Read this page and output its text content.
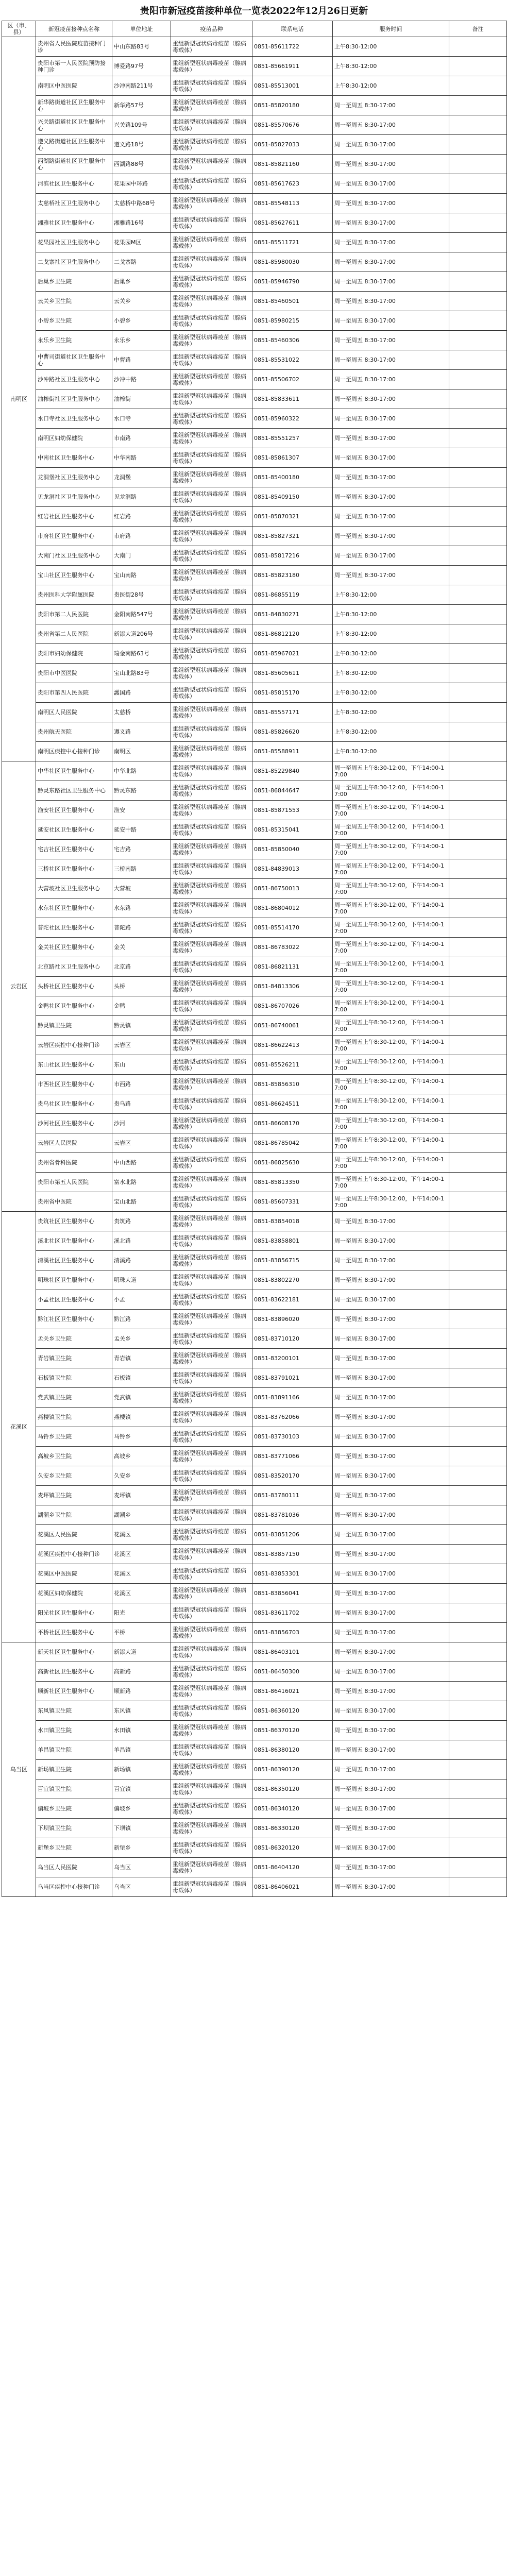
贵阳市新冠疫苗接种单位一览表2022年12月26日更新
区（市、县）	新冠疫苗接种点名称	单位地址	疫苗品种	联系电话	服务时间	备注
南明区	贵州省人民医院疫苗接种门诊	中山东路83号	重组新型冠状病毒疫苗（腺病毒载体）	0851-85611722	上午8:30-12:00	
	贵阳市第一人民医院预防接种门诊	博爱路97号	重组新型冠状病毒疫苗（腺病毒载体）	0851-85661911	上午8:30-12:00	
	南明区中医医院	沙冲南路211号	重组新型冠状病毒疫苗（腺病毒载体）	0851-85513001	上午8:30-12:00	
	新华路街道社区卫生服务中心	新华路57号	重组新型冠状病毒疫苗（腺病毒载体）	0851-85820180	周一至周五 8:30-17:00	
	兴关路街道社区卫生服务中心	兴关路109号	重组新型冠状病毒疫苗（腺病毒载体）	0851-85570676	周一至周五 8:30-17:00	
	遵义路街道社区卫生服务中心	遵义路18号	重组新型冠状病毒疫苗（腺病毒载体）	0851-85827033	周一至周五 8:30-17:00	
	西湖路街道社区卫生服务中心	西湖路88号	重组新型冠状病毒疫苗（腺病毒载体）	0851-85821160	周一至周五 8:30-17:00	
	河滨社区卫生服务中心	花果园中环路	重组新型冠状病毒疫苗（腺病毒载体）	0851-85617623	周一至周五 8:30-17:00	
	太慈桥社区卫生服务中心	太慈桥中路68号	重组新型冠状病毒疫苗（腺病毒载体）	0851-85548113	周一至周五 8:30-17:00	
	湘雅社区卫生服务中心	湘雅路16号	重组新型冠状病毒疫苗（腺病毒载体）	0851-85627611	周一至周五 8:30-17:00	
	花果园社区卫生服务中心	花果园M区	重组新型冠状病毒疫苗（腺病毒载体）	0851-85511721	周一至周五 8:30-17:00	
	二戈寨社区卫生服务中心	二戈寨路	重组新型冠状病毒疫苗（腺病毒载体）	0851-85980030	周一至周五 8:30-17:00	
	后巢乡卫生院	后巢乡	重组新型冠状病毒疫苗（腺病毒载体）	0851-85946790	周一至周五 8:30-17:00	
	云关乡卫生院	云关乡	重组新型冠状病毒疫苗（腺病毒载体）	0851-85460501	周一至周五 8:30-17:00	
	小碧乡卫生院	小碧乡	重组新型冠状病毒疫苗（腺病毒载体）	0851-85980215	周一至周五 8:30-17:00	
	永乐乡卫生院	永乐乡	重组新型冠状病毒疫苗（腺病毒载体）	0851-85460306	周一至周五 8:30-17:00	
	中曹司街道社区卫生服务中心	中曹路	重组新型冠状病毒疫苗（腺病毒载体）	0851-85531022	周一至周五 8:30-17:00	
	沙冲路社区卫生服务中心	沙冲中路	重组新型冠状病毒疫苗（腺病毒载体）	0851-85506702	周一至周五 8:30-17:00	
	油榨街社区卫生服务中心	油榨街	重组新型冠状病毒疫苗（腺病毒载体）	0851-85833611	周一至周五 8:30-17:00	
	水口寺社区卫生服务中心	水口寺	重组新型冠状病毒疫苗（腺病毒载体）	0851-85960322	周一至周五 8:30-17:00	
	南明区妇幼保健院	市南路	重组新型冠状病毒疫苗（腺病毒载体）	0851-85551257	周一至周五 8:30-17:00	
	中南社区卫生服务中心	中华南路	重组新型冠状病毒疫苗（腺病毒载体）	0851-85861307	周一至周五 8:30-17:00	
	龙洞堡社区卫生服务中心	龙洞堡	重组新型冠状病毒疫苗（腺病毒载体）	0851-85400180	周一至周五 8:30-17:00	
	见龙洞社区卫生服务中心	见龙洞路	重组新型冠状病毒疫苗（腺病毒载体）	0851-85409150	周一至周五 8:30-17:00	
	红岩社区卫生服务中心	红岩路	重组新型冠状病毒疫苗（腺病毒载体）	0851-85870321	周一至周五 8:30-17:00	
	市府社区卫生服务中心	市府路	重组新型冠状病毒疫苗（腺病毒载体）	0851-85827321	周一至周五 8:30-17:00	
	大南门社区卫生服务中心	大南门	重组新型冠状病毒疫苗（腺病毒载体）	0851-85817216	周一至周五 8:30-17:00	
	宝山社区卫生服务中心	宝山南路	重组新型冠状病毒疫苗（腺病毒载体）	0851-85823180	周一至周五 8:30-17:00	
	贵州医科大学附属医院	贵医街28号	重组新型冠状病毒疫苗（腺病毒载体）	0851-86855119	上午8:30-12:00	
	贵阳市第二人民医院	金阳南路547号	重组新型冠状病毒疫苗（腺病毒载体）	0851-84830271	上午8:30-12:00	
	贵州省第二人民医院	新添大道206号	重组新型冠状病毒疫苗（腺病毒载体）	0851-86812120	上午8:30-12:00	
	贵阳市妇幼保健院	瑞金南路63号	重组新型冠状病毒疫苗（腺病毒载体）	0851-85967021	上午8:30-12:00	
	贵阳市中医医院	宝山北路83号	重组新型冠状病毒疫苗（腺病毒载体）	0851-85605611	上午8:30-12:00	
	贵阳市第四人民医院	護国路	重组新型冠状病毒疫苗（腺病毒载体）	0851-85815170	上午8:30-12:00	
	南明区人民医院	太慈桥	重组新型冠状病毒疫苗（腺病毒载体）	0851-85557171	上午8:30-12:00	
	贵州航天医院	遵义路	重组新型冠状病毒疫苗（腺病毒载体）	0851-85826620	上午8:30-12:00	
	南明区疾控中心接种门诊	南明区	重组新型冠状病毒疫苗（腺病毒载体）	0851-85588911	上午8:30-12:00	
云岩区	中华社区卫生服务中心	中华北路	重组新型冠状病毒疫苗（腺病毒载体）	0851-85229840	周一至周五上午8:30-12:00，下午14:00-17:00	
	黔灵东路社区卫生服务中心	黔灵东路	重组新型冠状病毒疫苗（腺病毒载体）	0851-86844647	周一至周五上午8:30-12:00，下午14:00-17:00	
	渔安社区卫生服务中心	渔安	重组新型冠状病毒疫苗（腺病毒载体）	0851-85871553	周一至周五上午8:30-12:00，下午14:00-17:00	
	延安社区卫生服务中心	延安中路	重组新型冠状病毒疫苗（腺病毒载体）	0851-85315041	周一至周五上午8:30-12:00，下午14:00-17:00	
	宅吉社区卫生服务中心	宅吉路	重组新型冠状病毒疫苗（腺病毒载体）	0851-85850040	周一至周五上午8:30-12:00，下午14:00-17:00	
	三桥社区卫生服务中心	三桥南路	重组新型冠状病毒疫苗（腺病毒载体）	0851-84839013	周一至周五上午8:30-12:00，下午14:00-17:00	
	大营坡社区卫生服务中心	大营坡	重组新型冠状病毒疫苗（腺病毒载体）	0851-86750013	周一至周五上午8:30-12:00，下午14:00-17:00	
	水东社区卫生服务中心	水东路	重组新型冠状病毒疫苗（腺病毒载体）	0851-86804012	周一至周五上午8:30-12:00，下午14:00-17:00	
	普陀社区卫生服务中心	普陀路	重组新型冠状病毒疫苗（腺病毒载体）	0851-85514170	周一至周五上午8:30-12:00，下午14:00-17:00	
	金关社区卫生服务中心	金关	重组新型冠状病毒疫苗（腺病毒载体）	0851-86783022	周一至周五上午8:30-12:00，下午14:00-17:00	
	北京路社区卫生服务中心	北京路	重组新型冠状病毒疫苗（腺病毒载体）	0851-86821131	周一至周五上午8:30-12:00，下午14:00-17:00	
	头桥社区卫生服务中心	头桥	重组新型冠状病毒疫苗（腺病毒载体）	0851-84813306	周一至周五上午8:30-12:00，下午14:00-17:00	
	金鸭社区卫生服务中心	金鸭	重组新型冠状病毒疫苗（腺病毒载体）	0851-86707026	周一至周五上午8:30-12:00，下午14:00-17:00	
	黔灵镇卫生院	黔灵镇	重组新型冠状病毒疫苗（腺病毒载体）	0851-86740061	周一至周五上午8:30-12:00，下午14:00-17:00	
	云岩区疾控中心接种门诊	云岩区	重组新型冠状病毒疫苗（腺病毒载体）	0851-86622413	周一至周五上午8:30-12:00，下午14:00-17:00	
	东山社区卫生服务中心	东山	重组新型冠状病毒疫苗（腺病毒载体）	0851-85526211	周一至周五上午8:30-12:00，下午14:00-17:00	
	市西社区卫生服务中心	市西路	重组新型冠状病毒疫苗（腺病毒载体）	0851-85856310	周一至周五上午8:30-12:00，下午14:00-17:00	
	贵乌社区卫生服务中心	贵乌路	重组新型冠状病毒疫苗（腺病毒载体）	0851-86624511	周一至周五上午8:30-12:00，下午14:00-17:00	
	沙河社区卫生服务中心	沙河	重组新型冠状病毒疫苗（腺病毒载体）	0851-86608170	周一至周五上午8:30-12:00，下午14:00-17:00	
	云岩区人民医院	云岩区	重组新型冠状病毒疫苗（腺病毒载体）	0851-86785042	周一至周五上午8:30-12:00，下午14:00-17:00	
	贵州省骨科医院	中山西路	重组新型冠状病毒疫苗（腺病毒载体）	0851-86825630	周一至周五上午8:30-12:00，下午14:00-17:00	
	贵阳市第五人民医院	富水北路	重组新型冠状病毒疫苗（腺病毒载体）	0851-85813350	周一至周五上午8:30-12:00，下午14:00-17:00	
	贵州省中医院	宝山北路	重组新型冠状病毒疫苗（腺病毒载体）	0851-85607331	周一至周五上午8:30-12:00，下午14:00-17:00	
花溪区	贵筑社区卫生服务中心	贵筑路	重组新型冠状病毒疫苗（腺病毒载体）	0851-83854018	周一至周五 8:30-17:00	
	溪北社区卫生服务中心	溪北路	重组新型冠状病毒疫苗（腺病毒载体）	0851-83858801	周一至周五 8:30-17:00	
	清溪社区卫生服务中心	清溪路	重组新型冠状病毒疫苗（腺病毒载体）	0851-83856715	周一至周五 8:30-17:00	
	明珠社区卫生服务中心	明珠大道	重组新型冠状病毒疫苗（腺病毒载体）	0851-83802270	周一至周五 8:30-17:00	
	小孟社区卫生服务中心	小孟	重组新型冠状病毒疫苗（腺病毒载体）	0851-83622181	周一至周五 8:30-17:00	
	黔江社区卫生服务中心	黔江路	重组新型冠状病毒疫苗（腺病毒载体）	0851-83896020	周一至周五 8:30-17:00	
	孟关乡卫生院	孟关乡	重组新型冠状病毒疫苗（腺病毒载体）	0851-83710120	周一至周五 8:30-17:00	
	青岩镇卫生院	青岩镇	重组新型冠状病毒疫苗（腺病毒载体）	0851-83200101	周一至周五 8:30-17:00	
	石板镇卫生院	石板镇	重组新型冠状病毒疫苗（腺病毒载体）	0851-83791021	周一至周五 8:30-17:00	
	党武镇卫生院	党武镇	重组新型冠状病毒疫苗（腺病毒载体）	0851-83891166	周一至周五 8:30-17:00	
	燕楼镇卫生院	燕楼镇	重组新型冠状病毒疫苗（腺病毒载体）	0851-83762066	周一至周五 8:30-17:00	
	马铃乡卫生院	马铃乡	重组新型冠状病毒疫苗（腺病毒载体）	0851-83730103	周一至周五 8:30-17:00	
	高坡乡卫生院	高坡乡	重组新型冠状病毒疫苗（腺病毒载体）	0851-83771066	周一至周五 8:30-17:00	
	久安乡卫生院	久安乡	重组新型冠状病毒疫苗（腺病毒载体）	0851-83520170	周一至周五 8:30-17:00	
	麦坪镇卫生院	麦坪镇	重组新型冠状病毒疫苗（腺病毒载体）	0851-83780111	周一至周五 8:30-17:00	
	湖潮乡卫生院	湖潮乡	重组新型冠状病毒疫苗（腺病毒载体）	0851-83781036	周一至周五 8:30-17:00	
	花溪区人民医院	花溪区	重组新型冠状病毒疫苗（腺病毒载体）	0851-83851206	周一至周五 8:30-17:00	
	花溪区疾控中心接种门诊	花溪区	重组新型冠状病毒疫苗（腺病毒载体）	0851-83857150	周一至周五 8:30-17:00	
	花溪区中医医院	花溪区	重组新型冠状病毒疫苗（腺病毒载体）	0851-83853301	周一至周五 8:30-17:00	
	花溪区妇幼保健院	花溪区	重组新型冠状病毒疫苗（腺病毒载体）	0851-83856041	周一至周五 8:30-17:00	
	阳光社区卫生服务中心	阳光	重组新型冠状病毒疫苗（腺病毒载体）	0851-83611702	周一至周五 8:30-17:00	
	平桥社区卫生服务中心	平桥	重组新型冠状病毒疫苗（腺病毒载体）	0851-83856703	周一至周五 8:30-17:00	
乌当区	新天社区卫生服务中心	新添大道	重组新型冠状病毒疫苗（腺病毒载体）	0851-86403101	周一至周五 8:30-17:00	
	高新社区卫生服务中心	高新路	重组新型冠状病毒疫苗（腺病毒载体）	0851-86450300	周一至周五 8:30-17:00	
	顺新社区卫生服务中心	顺新路	重组新型冠状病毒疫苗（腺病毒载体）	0851-86416021	周一至周五 8:30-17:00	
	东风镇卫生院	东风镇	重组新型冠状病毒疫苗（腺病毒载体）	0851-86360120	周一至周五 8:30-17:00	
	水田镇卫生院	水田镇	重组新型冠状病毒疫苗（腺病毒载体）	0851-86370120	周一至周五 8:30-17:00	
	羊昌镇卫生院	羊昌镇	重组新型冠状病毒疫苗（腺病毒载体）	0851-86380120	周一至周五 8:30-17:00	
	新场镇卫生院	新场镇	重组新型冠状病毒疫苗（腺病毒载体）	0851-86390120	周一至周五 8:30-17:00	
	百宜镇卫生院	百宜镇	重组新型冠状病毒疫苗（腺病毒载体）	0851-86350120	周一至周五 8:30-17:00	
	偏坡乡卫生院	偏坡乡	重组新型冠状病毒疫苗（腺病毒载体）	0851-86340120	周一至周五 8:30-17:00	
	下坝镇卫生院	下坝镇	重组新型冠状病毒疫苗（腺病毒载体）	0851-86330120	周一至周五 8:30-17:00	
	新堡乡卫生院	新堡乡	重组新型冠状病毒疫苗（腺病毒载体）	0851-86320120	周一至周五 8:30-17:00	
	乌当区人民医院	乌当区	重组新型冠状病毒疫苗（腺病毒载体）	0851-86404120	周一至周五 8:30-17:00	
	乌当区疾控中心接种门诊	乌当区	重组新型冠状病毒疫苗（腺病毒载体）	0851-86406021	周一至周五 8:30-17:00	
